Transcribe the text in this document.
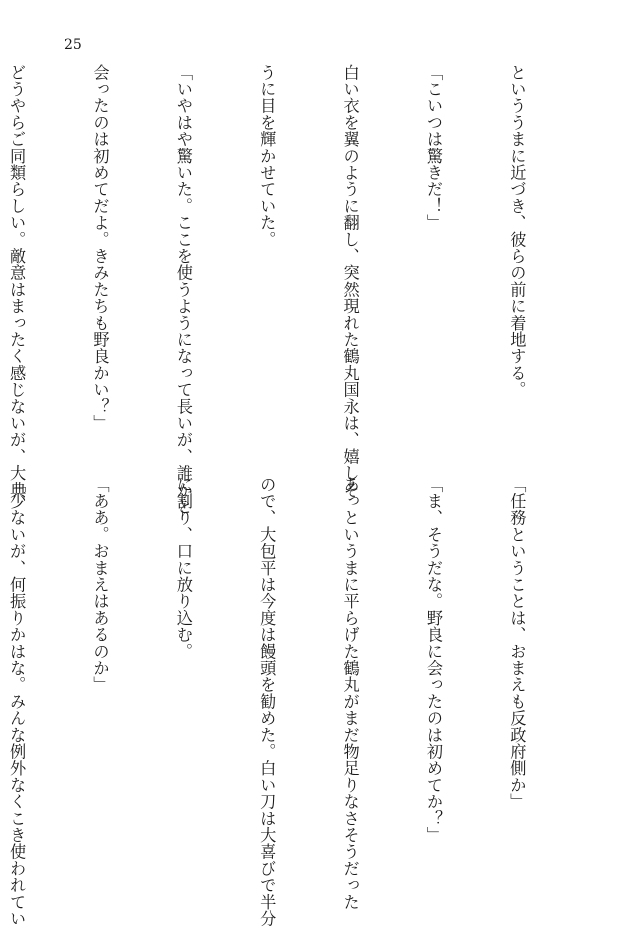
25

といううまに近づき、彼らの前に着地する。

「こいつは驚きだ！」

白い衣を翼のように翻し、突然現れた鶴丸国永は、嬉しそ

うに目を輝かせていた。

「いやはや驚いた。ここを使うようになって長いが、誰かと

会ったのは初めてだよ。きみたちも野良かい？」

どうやらご同類らしい。敵意はまったく感じないが、大典

「任務ということは、おまえも反政府側か」

「ま、そうだな。野良に会ったのは初めてか？」

あっというまに平らげた鶴丸がまだ物足りなさそうだった

ので、大包平は今度は饅頭を勧めた。白い刀は大喜びで半分

に割り、口に放り込む。

「ああ。おまえはあるのか」

「少ないが、何振りかはな。みんな例外なくこき使われてい
